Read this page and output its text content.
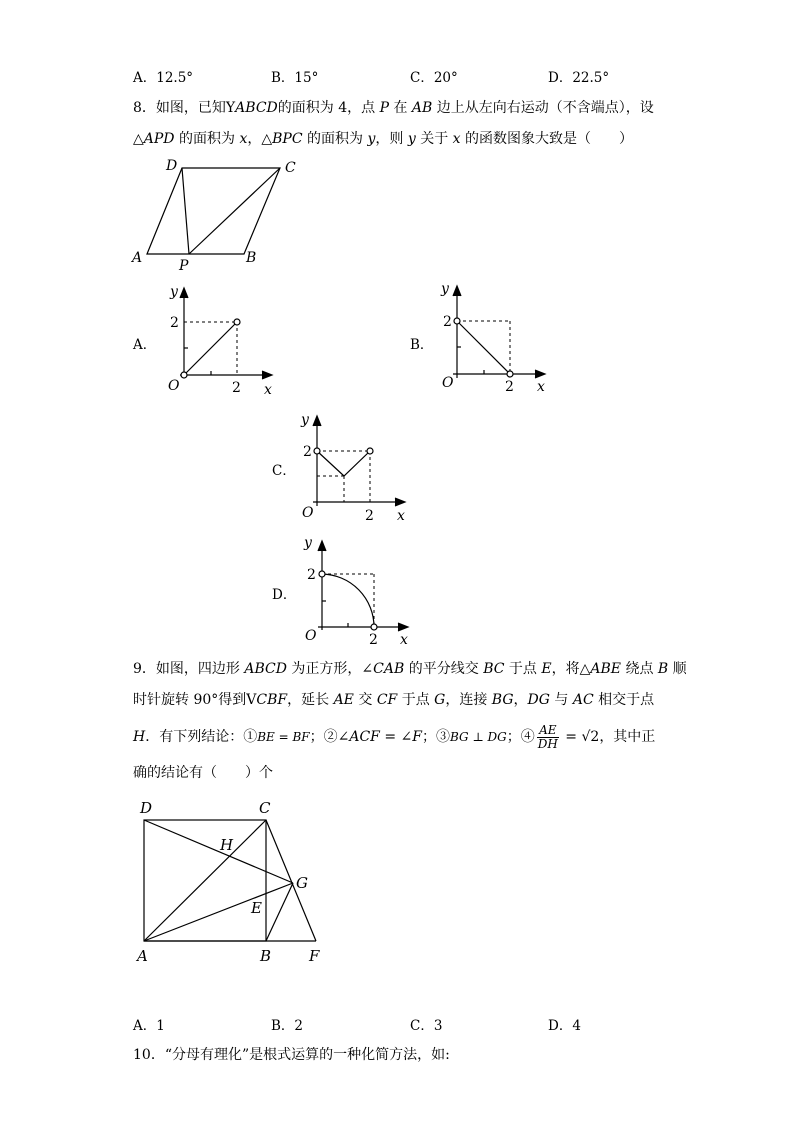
A．12.5°	B．15°	C．20°	D．22.5°
8．如图，已知YABCD的面积为 4，点 P 在 AB 边上从左向右运动（不含端点），设
△APD 的面积为 x，△BPC 的面积为 y，则 y 关于 x 的函数图象大致是（　　）
D	C
A	P	B
A．	B．
C．
D．
y
x
O
2
2
y
x
O
2
2
y
x
O
2
2
y
x
O
2
2
9．如图，四边形 ABCD 为正方形，∠CAB 的平分线交 BC 于点 E，将△ABE 绕点 B 顺
时针旋转 90°得到VCBF，延长 AE 交 CF 于点 G，连接 BG，DG 与 AC 相交于点
H．有下列结论：①BE = BF；②∠ACF = ∠F；③BG ⊥ DG；④ $\frac{AE}{DH} = √2$，其中正
确的结论有（　　）个
D	C
H
G
E
A	B	F
A．1	B．2	C．3	D．4
10．“分母有理化”是根式运算的一种化简方法，如:
